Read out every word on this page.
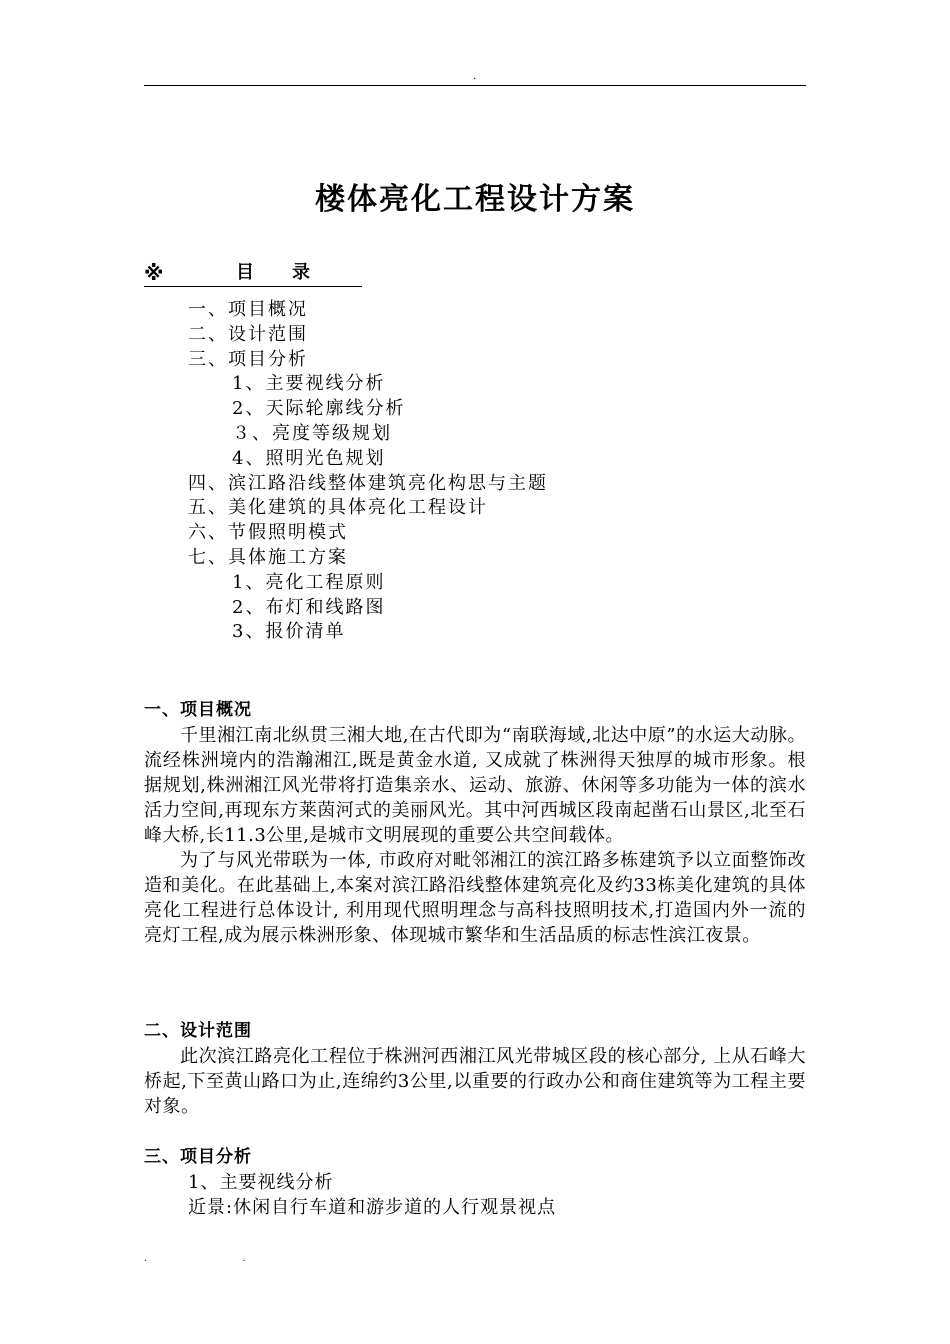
.
楼体亮化工程设计方案
※	目录
一、项目概况
二、设计范围
三、项目分析
1、主要视线分析
2、天际轮廓线分析
３、亮度等级规划
4、照明光色规划
四、滨江路沿线整体建筑亮化构思与主题
五、美化建筑的具体亮化工程设计
六、节假照明模式
七、具体施工方案
1、亮化工程原则
2、布灯和线路图
3、报价清单
一、项目概况

千里湘江南北纵贯三湘大地,在古代即为“南联海域,北达中原”的水运大动脉。流经株洲境内的浩瀚湘江,既是黄金水道, 又成就了株洲得天独厚的城市形象。根据规划,株洲湘江风光带将打造集亲水、运动、旅游、休闲等多功能为一体的滨水活力空间,再现东方莱茵河式的美丽风光。其中河西城区段南起凿石山景区,北至石峰大桥,长11.3公里,是城市文明展现的重要公共空间载体。

为了与风光带联为一体, 市政府对毗邻湘江的滨江路多栋建筑予以立面整饰改造和美化。在此基础上,本案对滨江路沿线整体建筑亮化及约33栋美化建筑的具体亮化工程进行总体设计, 利用现代照明理念与高科技照明技术,打造国内外一流的亮灯工程,成为展示株洲形象、体现城市繁华和生活品质的标志性滨江夜景。

二、设计范围

此次滨江路亮化工程位于株洲河西湘江风光带城区段的核心部分, 上从石峰大桥起,下至黄山路口为止,连绵约3公里,以重要的行政办公和商住建筑等为工程主要对象。

三、项目分析
1、主要视线分析
近景:休闲自行车道和游步道的人行观景视点
. .
